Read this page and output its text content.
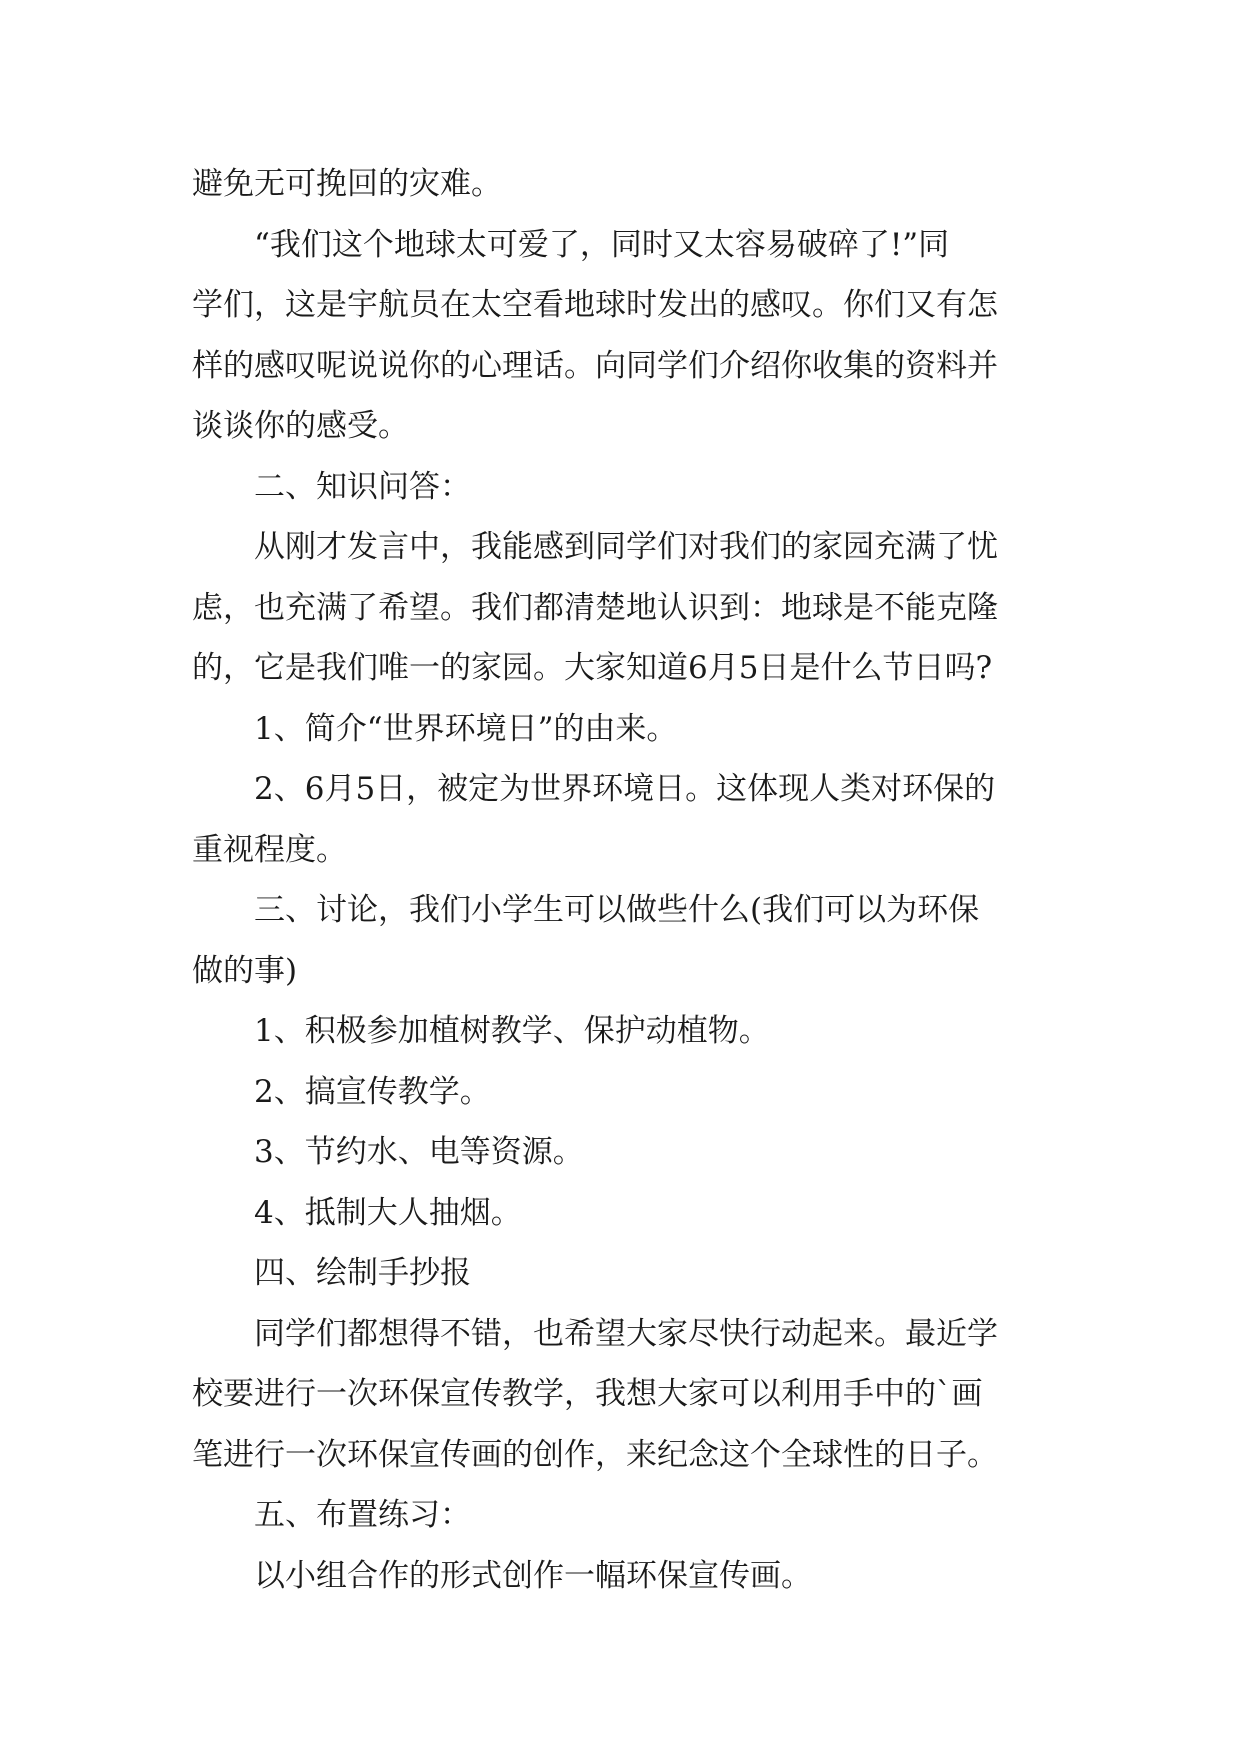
避免无可挽回的灾难。
“我们这个地球太可爱了，同时又太容易破碎了!”同
学们，这是宇航员在太空看地球时发出的感叹。你们又有怎
样的感叹呢说说你的心理话。向同学们介绍你收集的资料并
谈谈你的感受。
二、知识问答：
从刚才发言中，我能感到同学们对我们的家园充满了忧
虑，也充满了希望。我们都清楚地认识到：地球是不能克隆
的，它是我们唯一的家园。大家知道6月5日是什么节日吗?
1、简介“世界环境日”的由来。
2、6月5日，被定为世界环境日。这体现人类对环保的
重视程度。
三、讨论，我们小学生可以做些什么(我们可以为环保
做的事)
1、积极参加植树教学、保护动植物。
2、搞宣传教学。
3、节约水、电等资源。
4、抵制大人抽烟。
四、绘制手抄报
同学们都想得不错，也希望大家尽快行动起来。最近学
校要进行一次环保宣传教学，我想大家可以利用手中的`画
笔进行一次环保宣传画的创作，来纪念这个全球性的日子。
五、布置练习：
以小组合作的形式创作一幅环保宣传画。
